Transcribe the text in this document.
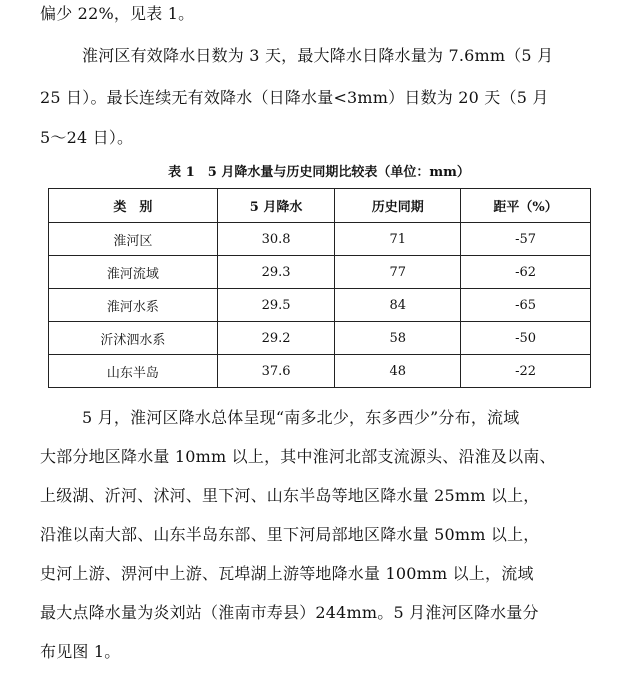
偏少 22%，见表 1。
淮河区有效降水日数为 3 天，最大降水日降水量为 7.6mm（5 月
25 日）。最长连续无有效降水（日降水量<3mm）日数为 20 天（5 月
5～24 日）。
表 1　5 月降水量与历史同期比较表（单位：mm）
类　别	5 月降水	历史同期	距平（%）
淮河区	30.8	71	-57
淮河流域	29.3	77	-62
淮河水系	29.5	84	-65
沂沭泗水系	29.2	58	-50
山东半岛	37.6	48	-22
5 月，淮河区降水总体呈现“南多北少，东多西少”分布，流域
大部分地区降水量 10mm 以上，其中淮河北部支流源头、沿淮及以南、
上级湖、沂河、沭河、里下河、山东半岛等地区降水量 25mm 以上，
沿淮以南大部、山东半岛东部、里下河局部地区降水量 50mm 以上，
史河上游、淠河中上游、瓦埠湖上游等地降水量 100mm 以上，流域
最大点降水量为炎刘站（淮南市寿县）244mm。5 月淮河区降水量分
布见图 1。
